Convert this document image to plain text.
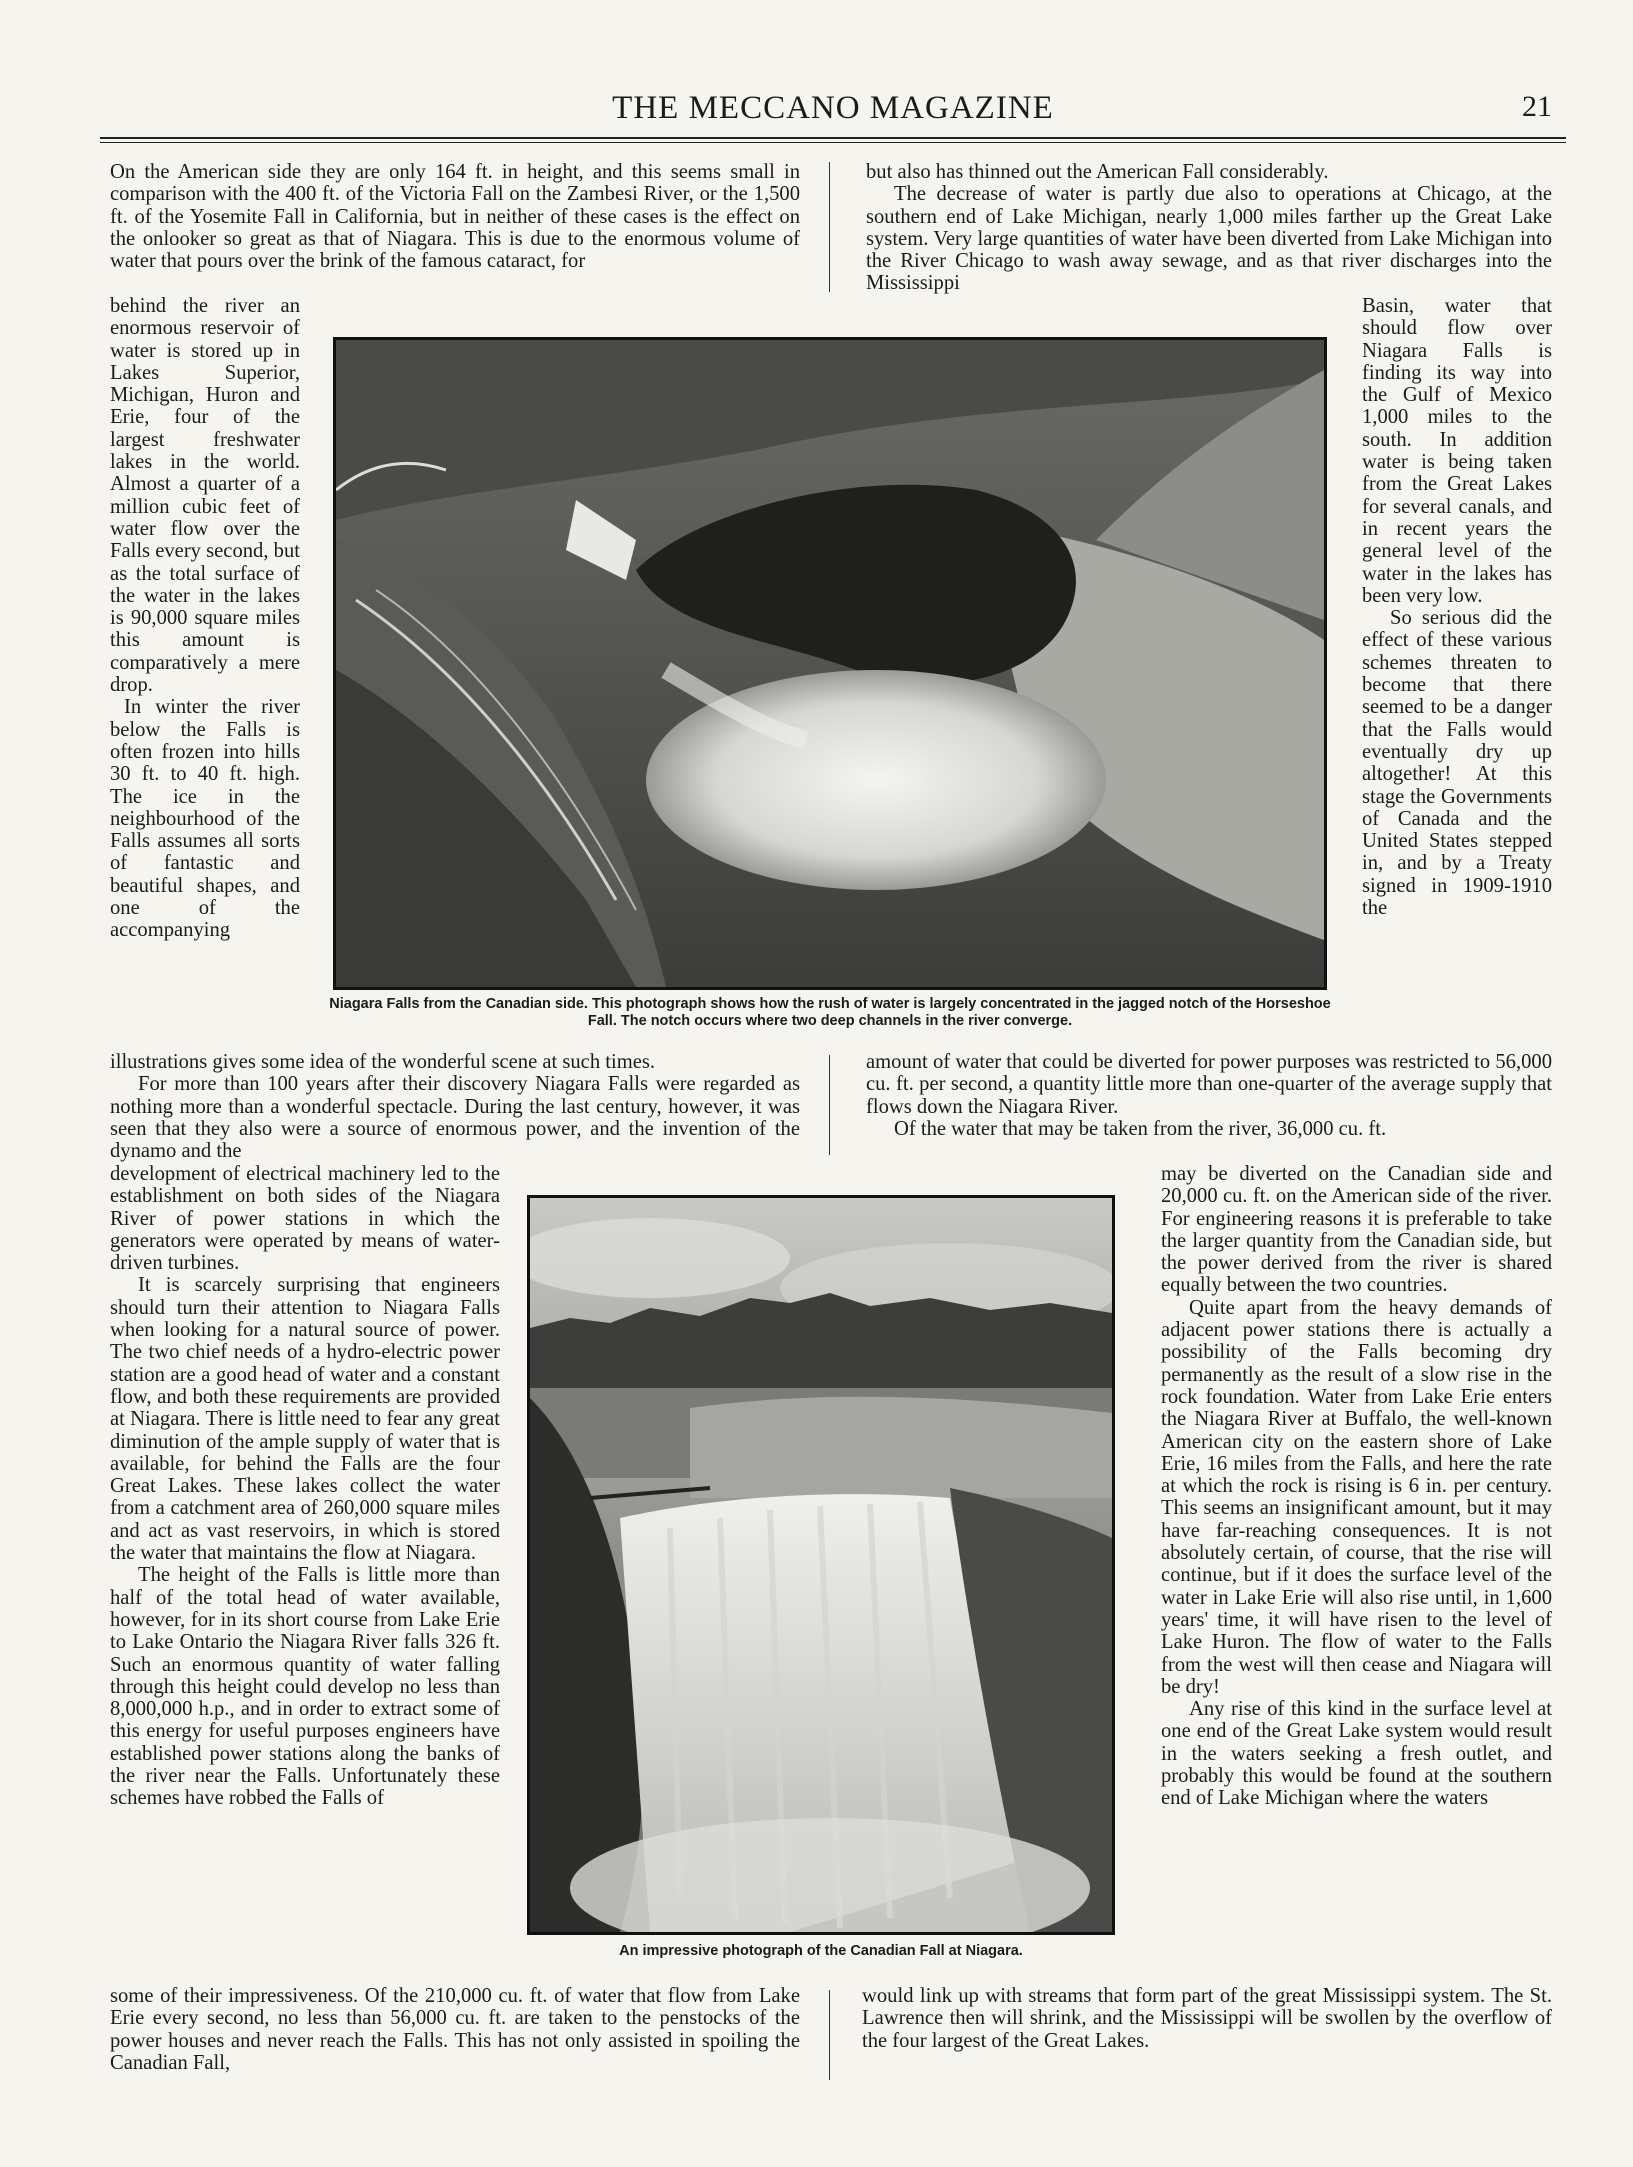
THE MECCANO MAGAZINE	21

On the American side they are only 164 ft. in height, and this seems small in comparison with the 400 ft. of the Victoria Fall on the Zambesi River, or the 1,500 ft. of the Yosemite Fall in California, but in neither of these cases is the effect on the onlooker so great as that of Niagara. This is due to the enormous volume of water that pours over the brink of the famous cataract, for

behind the river an enormous reservoir of water is stored up in Lakes Superior, Michigan, Huron and Erie, four of the largest freshwater lakes in the world. Almost a quarter of a million cubic feet of water flow over the Falls every second, but as the total surface of the water in the lakes is 90,000 square miles this amount is comparatively a mere drop.

In winter the river below the Falls is often frozen into hills 30 ft. to 40 ft. high. The ice in the neighbourhood of the Falls assumes all sorts of fantastic and beautiful shapes, and one of the accompanying

illustrations gives some idea of the wonderful scene at such times.

For more than 100 years after their discovery Niagara Falls were regarded as nothing more than a wonderful spectacle. During the last century, however, it was seen that they also were a source of enormous power, and the invention of the dynamo and the

development of electrical machinery led to the establishment on both sides of the Niagara River of power stations in which the generators were operated by means of water-driven turbines.

It is scarcely surprising that engineers should turn their attention to Niagara Falls when looking for a natural source of power. The two chief needs of a hydro-electric power station are a good head of water and a constant flow, and both these requirements are provided at Niagara. There is little need to fear any great diminution of the ample supply of water that is available, for behind the Falls are the four Great Lakes. These lakes collect the water from a catchment area of 260,000 square miles and act as vast reservoirs, in which is stored the water that maintains the flow at Niagara.

The height of the Falls is little more than half of the total head of water available, however, for in its short course from Lake Erie to Lake Ontario the Niagara River falls 326 ft. Such an enormous quantity of water falling through this height could develop no less than 8,000,000 h.p., and in order to extract some of this energy for useful purposes engineers have established power stations along the banks of the river near the Falls. Unfortunately these schemes have robbed the Falls of

some of their impressiveness. Of the 210,000 cu. ft. of water that flow from Lake Erie every second, no less than 56,000 cu. ft. are taken to the penstocks of the power houses and never reach the Falls. This has not only assisted in spoiling the Canadian Fall,

but also has thinned out the American Fall considerably.

The decrease of water is partly due also to operations at Chicago, at the southern end of Lake Michigan, nearly 1,000 miles farther up the Great Lake system. Very large quantities of water have been diverted from Lake Michigan into the River Chicago to wash away sewage, and as that river discharges into the Mississippi

Basin, water that should flow over Niagara Falls is finding its way into the Gulf of Mexico 1,000 miles to the south. In addition water is being taken from the Great Lakes for several canals, and in recent years the general level of the water in the lakes has been very low.

So serious did the effect of these various schemes threaten to become that there seemed to be a danger that the Falls would eventually dry up altogether! At this stage the Governments of Canada and the United States stepped in, and by a Treaty signed in 1909-1910 the

amount of water that could be diverted for power purposes was restricted to 56,000 cu. ft. per second, a quantity little more than one-quarter of the average supply that flows down the Niagara River.

Of the water that may be taken from the river, 36,000 cu. ft.

may be diverted on the Canadian side and 20,000 cu. ft. on the American side of the river. For engineering reasons it is preferable to take the larger quantity from the Canadian side, but the power derived from the river is shared equally between the two countries.

Quite apart from the heavy demands of adjacent power stations there is actually a possibility of the Falls becoming dry permanently as the result of a slow rise in the rock foundation. Water from Lake Erie enters the Niagara River at Buffalo, the well-known American city on the eastern shore of Lake Erie, 16 miles from the Falls, and here the rate at which the rock is rising is 6 in. per century. This seems an insignificant amount, but it may have far-reaching consequences. It is not absolutely certain, of course, that the rise will continue, but if it does the surface level of the water in Lake Erie will also rise until, in 1,600 years' time, it will have risen to the level of Lake Huron. The flow of water to the Falls from the west will then cease and Niagara will be dry!

Any rise of this kind in the surface level at one end of the Great Lake system would result in the waters seeking a fresh outlet, and probably this would be found at the southern end of Lake Michigan where the waters

would link up with streams that form part of the great Mississippi system. The St. Lawrence then will shrink, and the Mississippi will be swollen by the overflow of the four largest of the Great Lakes.

Niagara Falls from the Canadian side. This photograph shows how the rush of water is largely concentrated in the jagged notch of the Horseshoe Fall. The notch occurs where two deep channels in the river converge.
An impressive photograph of the Canadian Fall at Niagara.
